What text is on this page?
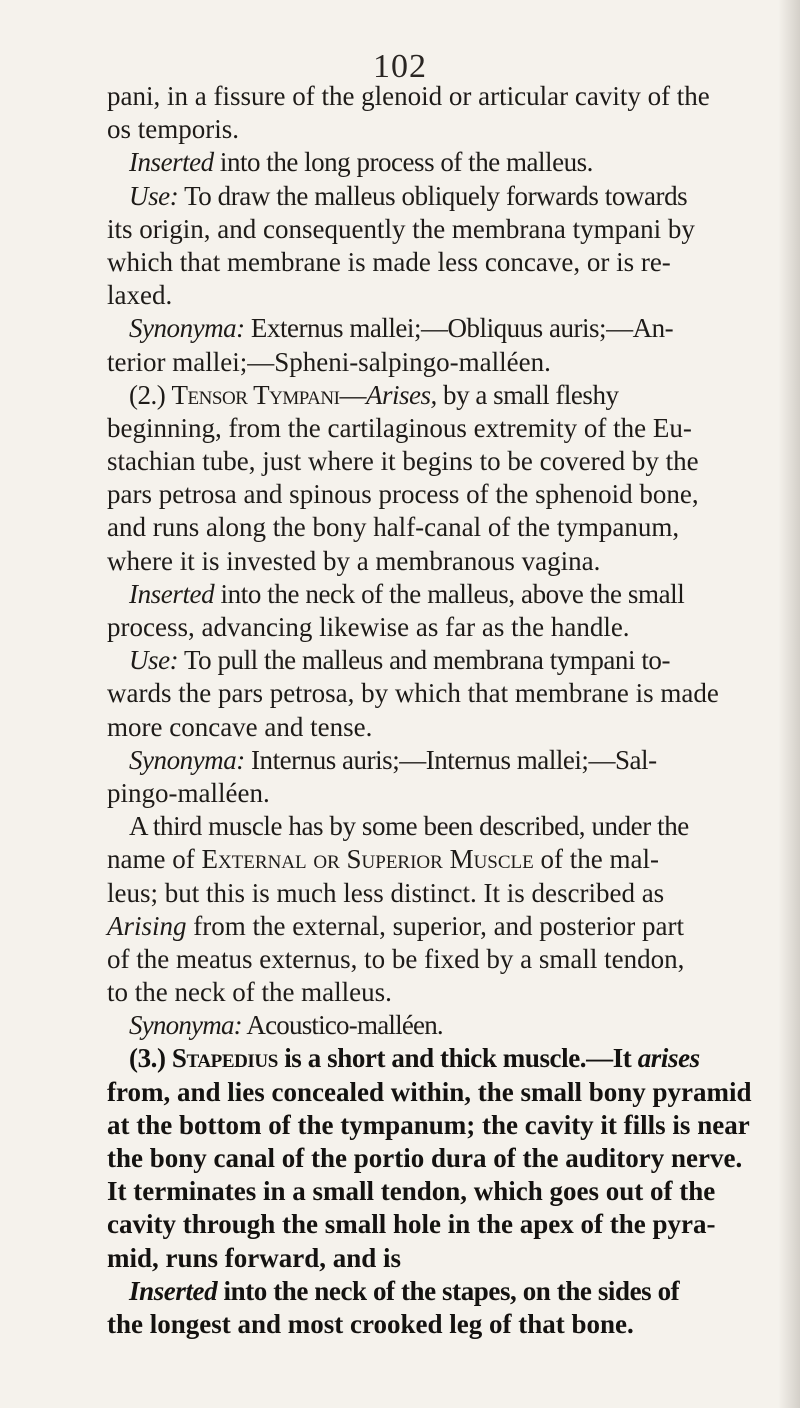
102
pani, in a fissure of the glenoid or articular cavity of the
os temporis.
Inserted into the long process of the malleus.
Use: To draw the malleus obliquely forwards towards
its origin, and consequently the membrana tympani by
which that membrane is made less concave, or is re-
laxed.
Synonyma: Externus mallei;—Obliquus auris;—An-
terior mallei;—Spheni-salpingo-malléen.
(2.) Tensor Tympani—Arises, by a small fleshy
beginning, from the cartilaginous extremity of the Eu-
stachian tube, just where it begins to be covered by the
pars petrosa and spinous process of the sphenoid bone,
and runs along the bony half-canal of the tympanum,
where it is invested by a membranous vagina.
Inserted into the neck of the malleus, above the small
process, advancing likewise as far as the handle.
Use: To pull the malleus and membrana tympani to-
wards the pars petrosa, by which that membrane is made
more concave and tense.
Synonyma: Internus auris;—Internus mallei;—Sal-
pingo-malléen.
A third muscle has by some been described, under the
name of External or Superior Muscle of the mal-
leus; but this is much less distinct. It is described as
Arising from the external, superior, and posterior part
of the meatus externus, to be fixed by a small tendon,
to the neck of the malleus.
Synonyma: Acoustico-malléen.
(3.) Stapedius is a short and thick muscle.—It arises
from, and lies concealed within, the small bony pyramid
at the bottom of the tympanum; the cavity it fills is near
the bony canal of the portio dura of the auditory nerve.
It terminates in a small tendon, which goes out of the
cavity through the small hole in the apex of the pyra-
mid, runs forward, and is
Inserted into the neck of the stapes, on the sides of
the longest and most crooked leg of that bone.
